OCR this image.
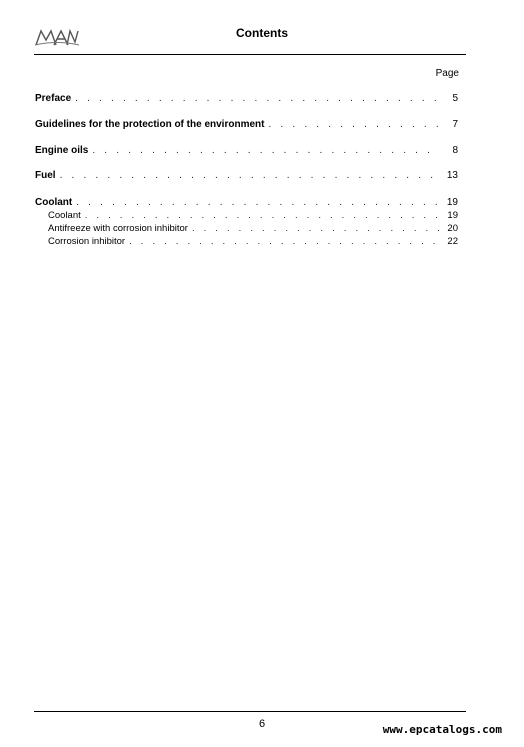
Contents
Page
Preface . . .	5
Guidelines for the protection of the environment . . .	7
Engine oils . . .	8
Fuel . . .	13
Coolant . . .	19
Coolant . . .	19
Antifreeze with corrosion inhibitor . . .	20
Corrosion inhibitor . . .	22
6	www.epcatalogs.com
